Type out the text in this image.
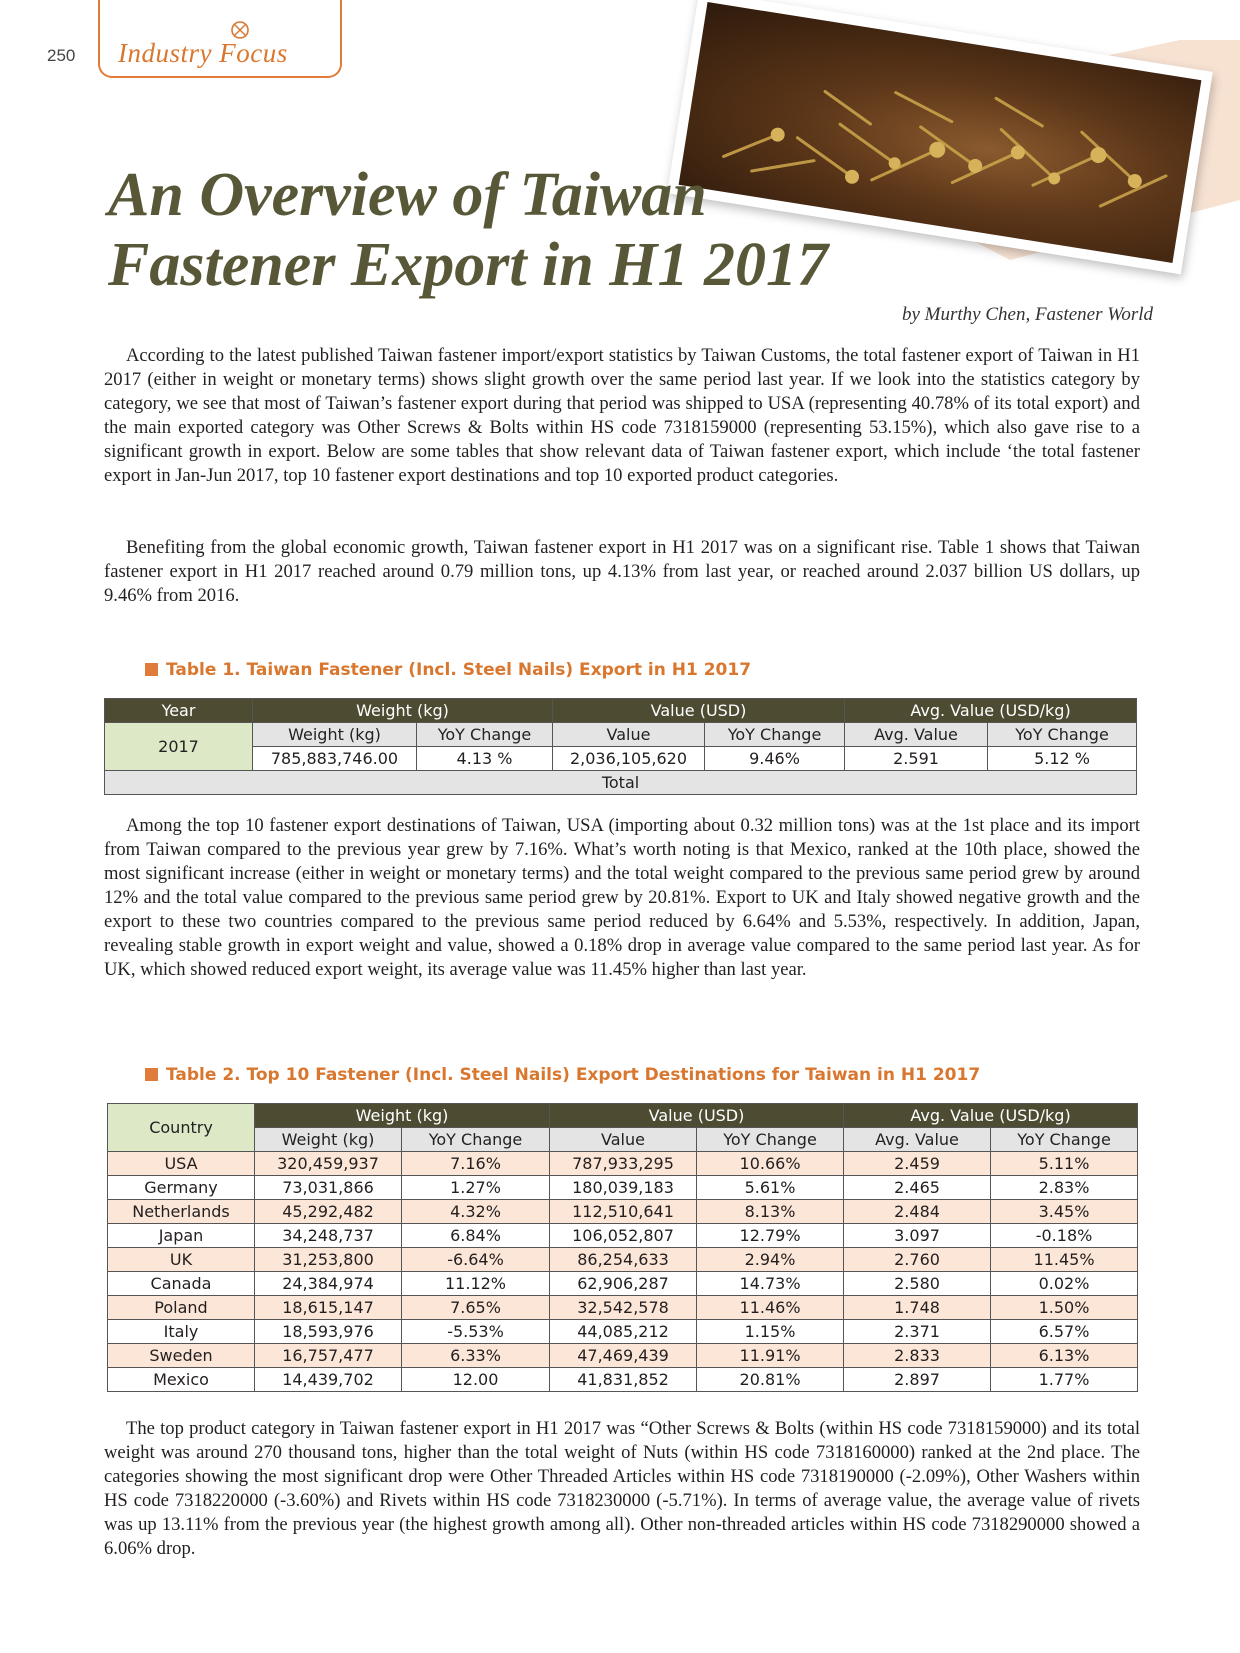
250 Industry Focus
An Overview of Taiwan
Fastener Export in H1 2017
by Murthy Chen, Fastener World

According to the latest published Taiwan fastener import/export statistics by Taiwan Customs, the total fastener export of Taiwan in H1 2017 (either in weight or monetary terms) shows slight growth over the same period last year. If we look into the statistics category by category, we see that most of Taiwan’s fastener export during that period was shipped to USA (representing 40.78% of its total export) and the main exported category was Other Screws & Bolts within HS code 7318159000 (representing 53.15%), which also gave rise to a significant growth in export. Below are some tables that show relevant data of Taiwan fastener export, which include ‘the total fastener export in Jan-Jun 2017, top 10 fastener export destinations and top 10 exported product categories.

Benefiting from the global economic growth, Taiwan fastener export in H1 2017 was on a significant rise. Table 1 shows that Taiwan fastener export in H1 2017 reached around 0.79 million tons, up 4.13% from last year, or reached around 2.037 billion US dollars, up 9.46% from 2016.

Table 1. Taiwan Fastener (Incl. Steel Nails) Export in H1 2017
Year	Weight (kg)		Value (USD)		Avg. Value (USD/kg)	
2017	Weight (kg)	YoY Change	Value	YoY Change	Avg. Value	YoY Change
	785,883,746.00	4.13 %	2,036,105,620	9.46%	2.591	5.12 %
Total						

Among the top 10 fastener export destinations of Taiwan, USA (importing about 0.32 million tons) was at the 1st place and its import from Taiwan compared to the previous year grew by 7.16%. What’s worth noting is that Mexico, ranked at the 10th place, showed the most significant increase (either in weight or monetary terms) and the total weight compared to the previous same period grew by around 12% and the total value compared to the previous same period grew by 20.81%. Export to UK and Italy showed negative growth and the export to these two countries compared to the previous same period reduced by 6.64% and 5.53%, respectively. In addition, Japan, revealing stable growth in export weight and value, showed a 0.18% drop in average value compared to the same period last year. As for UK, which showed reduced export weight, its average value was 11.45% higher than last year.

Table 2. Top 10 Fastener (Incl. Steel Nails) Export Destinations for Taiwan in H1 2017
Country	Weight (kg)		Value (USD)		Avg. Value (USD/kg)	
	Weight (kg)	YoY Change	Value	YoY Change	Avg. Value	YoY Change
USA	320,459,937	7.16%	787,933,295	10.66%	2.459	5.11%
Germany	73,031,866	1.27%	180,039,183	5.61%	2.465	2.83%
Netherlands	45,292,482	4.32%	112,510,641	8.13%	2.484	3.45%
Japan	34,248,737	6.84%	106,052,807	12.79%	3.097	-0.18%
UK	31,253,800	-6.64%	86,254,633	2.94%	2.760	11.45%
Canada	24,384,974	11.12%	62,906,287	14.73%	2.580	0.02%
Poland	18,615,147	7.65%	32,542,578	11.46%	1.748	1.50%
Italy	18,593,976	-5.53%	44,085,212	1.15%	2.371	6.57%
Sweden	16,757,477	6.33%	47,469,439	11.91%	2.833	6.13%
Mexico	14,439,702	12.00	41,831,852	20.81%	2.897	1.77%

The top product category in Taiwan fastener export in H1 2017 was “Other Screws & Bolts (within HS code 7318159000) and its total weight was around 270 thousand tons, higher than the total weight of Nuts (within HS code 7318160000) ranked at the 2nd place. The categories showing the most significant drop were Other Threaded Articles within HS code 7318190000 (-2.09%), Other Washers within HS code 7318220000 (-3.60%) and Rivets within HS code 7318230000 (-5.71%). In terms of average value, the average value of rivets was up 13.11% from the previous year (the highest growth among all). Other non-threaded articles within HS code 7318290000 showed a 6.06% drop.
